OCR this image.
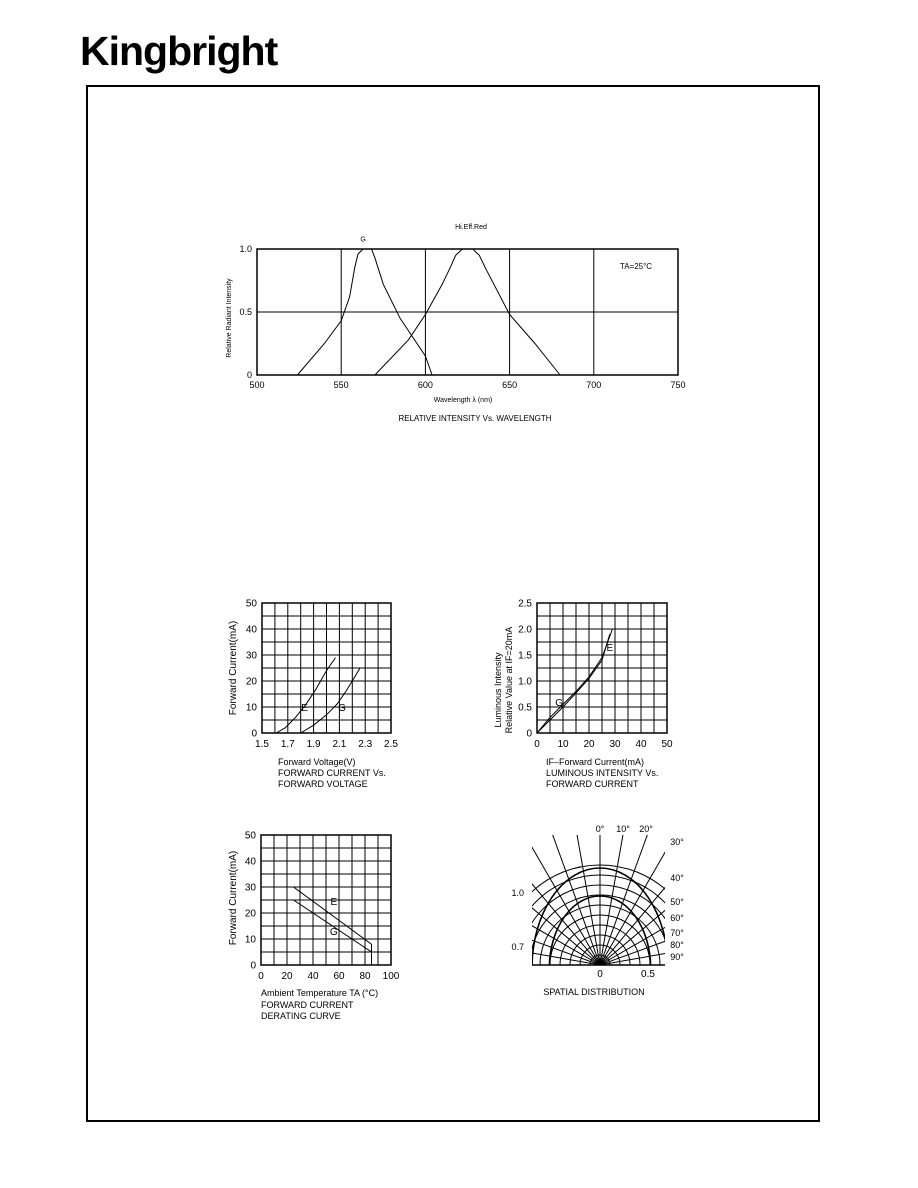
Kingbright
500	550	600	650	700	750
0
0.5
1.0
G
Hi.Eff.Red
TA=25°C
Wavelength λ (nm)
Relative Radiant Intensity
RELATIVE INTENSITY Vs. WAVELENGTH
1.5 1.7 1.9 2.1 2.3 2.5
0
10
20
30
40
50
E	G
Forward Current(mA)
Forward Voltage(V)
FORWARD CURRENT Vs.
FORWARD VOLTAGE
0 10 20 30 40 50
0
0.5
1.0
1.5
2.0
2.5
G
E
Luminous Intensity Relative Value at IF=20mA
IF–Forward Current(mA)
LUMINOUS INTENSITY Vs.
FORWARD CURRENT
0 20 40 60 80 100
0
10
20
30
40
50
E
G
Forward Current(mA)
Ambient Temperature TA (°C)
FORWARD CURRENT
DERATING CURVE
0° 10° 20°
30°
40°
50°
60°
70°
80°
90°
1.0
0.7
0	0.5
SPATIAL DISTRIBUTION
